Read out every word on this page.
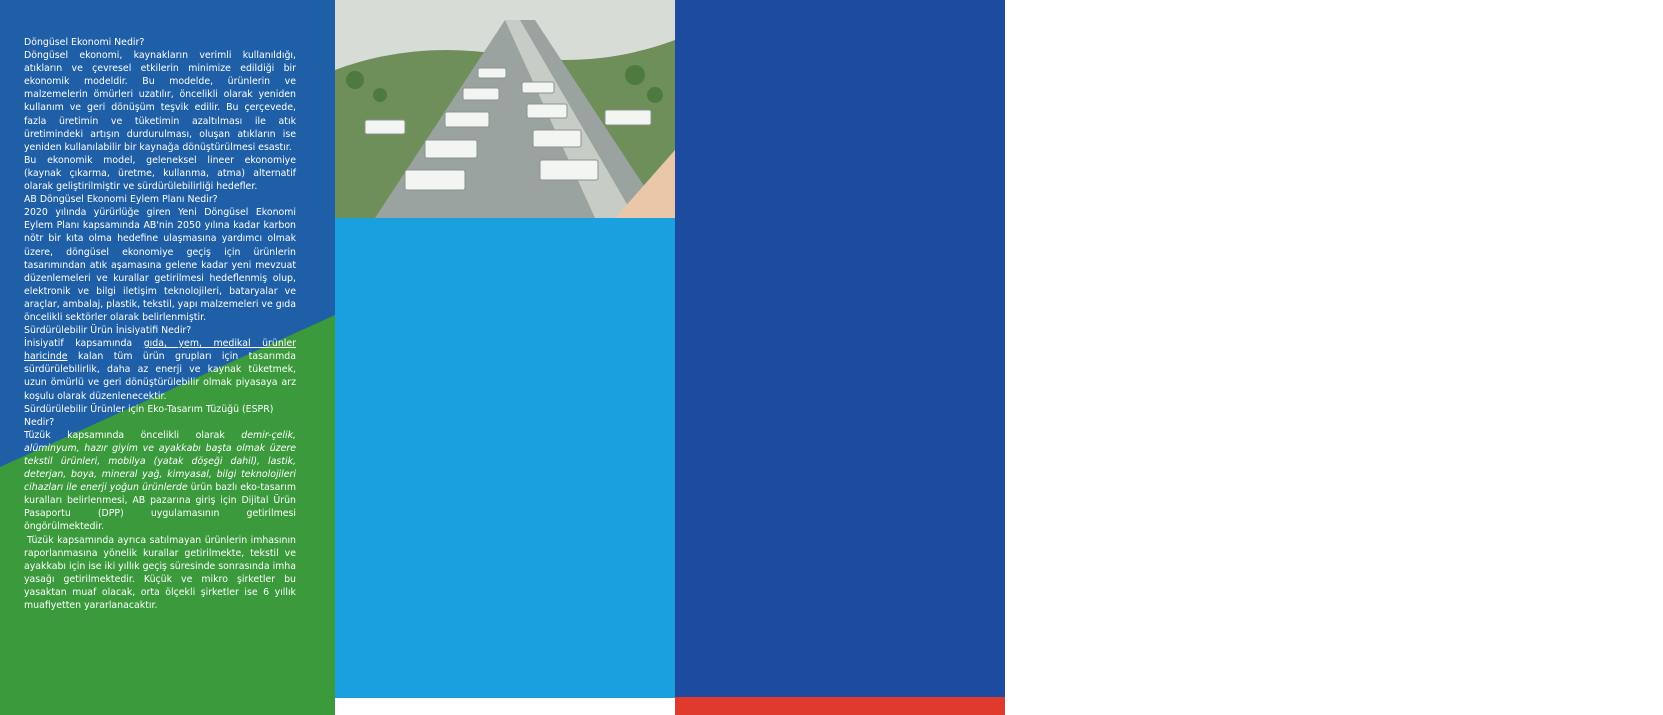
Döngüsel Ekonomi Nedir?

Döngüsel ekonomi, kaynakların verimli kullanıldığı, atıkların ve çevresel etkilerin minimize edildiği bir ekonomik modeldir. Bu modelde, ürünlerin ve malzemelerin ömürleri uzatılır, öncelikli olarak yeniden kullanım ve geri dönüşüm teşvik edilir. Bu çerçevede, fazla üretimin ve tüketimin azaltılması ile atık üretimindeki artışın durdurulması, oluşan atıkların ise yeniden kullanılabilir bir kaynağa dönüştürülmesi esastır.

Bu ekonomik model, geleneksel lineer ekonomiye (kaynak çıkarma, üretme, kullanma, atma) alternatif olarak geliştirilmiştir ve sürdürülebilirliği hedefler.

AB Döngüsel Ekonomi Eylem Planı Nedir?

2020 yılında yürürlüğe giren Yeni Döngüsel Ekonomi Eylem Planı kapsamında AB'nin 2050 yılına kadar karbon nötr bir kıta olma hedefine ulaşmasına yardımcı olmak üzere, döngüsel ekonomiye geçiş için ürünlerin tasarımından atık aşamasına gelene kadar yeni mevzuat düzenlemeleri ve kurallar getirilmesi hedeflenmiş olup, elektronik ve bilgi iletişim teknolojileri, bataryalar ve araçlar, ambalaj, plastik, tekstil, yapı malzemeleri ve gıda öncelikli sektörler olarak belirlenmiştir.

Sürdürülebilir Ürün İnisiyatifi Nedir?

İnisiyatif kapsamında gıda, yem, medikal ürünler haricinde kalan tüm ürün grupları için tasarımda sürdürülebilirlik, daha az enerji ve kaynak tüketmek, uzun ömürlü ve geri dönüştürülebilir olmak piyasaya arz koşulu olarak düzenlenecektir.

Sürdürülebilir Ürünler için Eko-Tasarım Tüzüğü (ESPR) Nedir?

Tüzük kapsamında öncelikli olarak demir-çelik, alüminyum, hazır giyim ve ayakkabı başta olmak üzere tekstil ürünleri, mobilya (yatak döşeği dahil), lastik, deterjan, boya, mineral yağ, kimyasal, bilgi teknolojileri cihazları ile enerji yoğun ürünlerde ürün bazlı eko-tasarım kuralları belirlenmesi, AB pazarına giriş için Dijital Ürün Pasaportu (DPP) uygulamasının getirilmesi öngörülmektedir.

Tüzük kapsamında ayrıca satılmayan ürünlerin imhasının raporlanmasına yönelik kurallar getirilmekte, tekstil ve ayakkabı için ise iki yıllık geçiş süresinde sonrasında imha yasağı getirilmektedir. Küçük ve mikro şirketler bu yasaktan muaf olacak, orta ölçekli şirketler ise 6 yıllık muafiyetten yararlanacaktır.

AB'nin Batarya Sektöründe Getirdiği Yeni Kurallar Nelerdir?

Batarya ve Batarya Atıkları Tüzüğü (2023/1542) kapsamında otomobillerde kullanılan elektrikli araç bataryası dahil olmak üzere her türlü batarya türünün tasarımından atık haline gelene kadar yaşam döngüsünün tamamını ilgilendirecek zorunluluklar getirilmektedir.

Bu çerçevede, çeşitli geçiş dönemleri dahilinde AB pazarına ürün tedarik eden üçüncü ülkeler tarafından uygunluk değerlendirme kuruluşları (Onaylanmış Kuruluşlar) aracılığıyla ürünlerin karbon ayak izi, geri dönüştürülmüş madde içeriği ile sosyal şartlara ilişkin özen yükümlülüğü gereklerinin yerine getirildiğine dair belgelendirme yükümlülüğü ve hammadde bilgilerine ilişkin zorunlu bildirimde bulunma uygulaması getirilecektir. 2027 yılı itibariyle ise AB pazarına girişte Dijital Batarya Pasaportu uygulaması zorunlu hale gelecektir.

AB'nin Ambalaj Malzemelerinde Getirdiği Yeni Düzenlemeler Nelerdir?

Ambalaj ve Ambalaj Atıkları Tüzüğü Taslağı kapsamında, 2030 yılı itibariyle yalnızca geri dönüştürülebilir ambalajların piyasaya arz edilmesi; plastik ambalajların türüne göre 2030 yılı için temas hassasiyeti olan ambalajlarda (gıda ile temas eden dahil) %30, 2040 yılı için ise %50 oranında asgari geri dönüştürülmüş plastik içermesi gibi pazara giriş kuralları belirlenmiştir. AB pazarına arz edilen ambalaj ürünleri ile tüm ürünlerin ambalajlarının mevzuatta öngörülen pazara giriş kurallarına uygunluğuna dair uygunluk değerlendirmesi süreçlerine tabi olması gerekmektedir.

Otomotiv Sektöründe Getirilmesi Öngörülen Kurallar Nelerdir?

Binek ve hafif ticari araçların emisyon performans standartlarına ilişkin mevzuatı tadil eden 2023/851 sayılı AB Tüzüğüne göre, 2035 yılında trafiğe sürülecek tüm binek ve hafif ticari araçların karbon emisyonsuz olması amaçlanmış olup, bu çerçevede içten yanmalı motorlu araçlar yerine elektrikli araçlar ve alternatif teknolojilerin geliştirilmesi temel hedef olarak belirlenmiştir.

Öte yandan, Döngüsel Araç Tasarımı ve Ömrünü Tamamlamış Araç Tüzüğü Taslağı kapsamında, yeni araçların ömürlerinin sonuna geldiklerinde yedek parçalarının geri dönüştürülmesi ve yeniden kullanımının kolaylaştırılacak şekilde tasarlanmasını sağlamak için gereklilikler ortaya konulmaktadır. Taslak ile ayrıca, araçlarda geri dönüştürülmüş malzeme ile ilgili düzenlemeler getirilmekte olup, 2030 yılı itibariyle yeni bir araç yapımında kullanılan plastiğe ilişkin asgari geri dönüştürülmüş içerik zorunlulukları getirilmesi öngörülmektedir.
